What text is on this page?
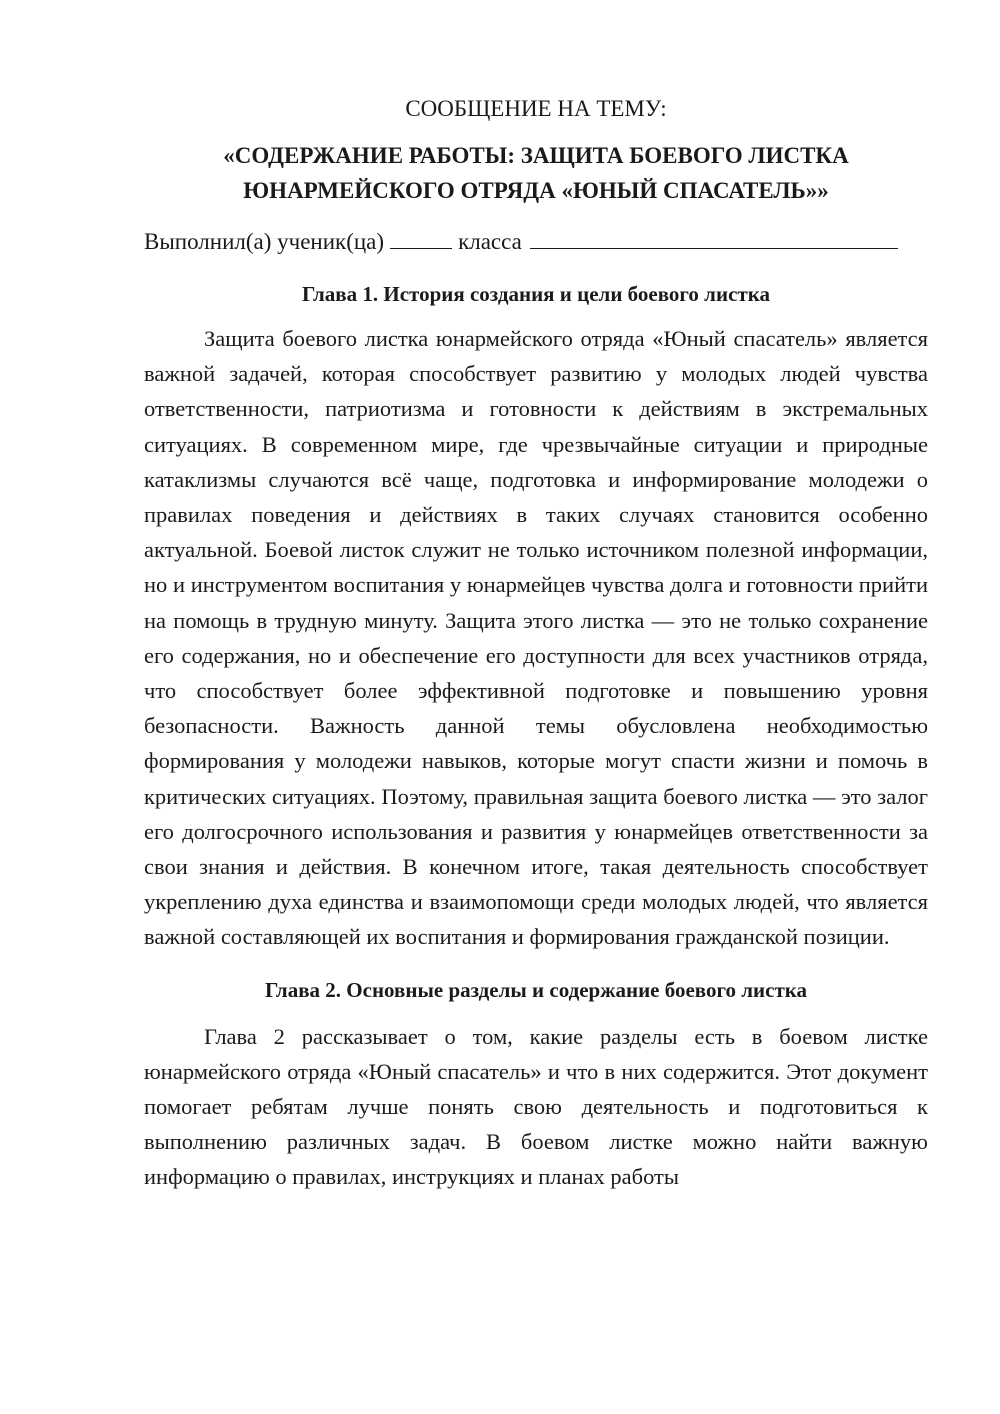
СООБЩЕНИЕ НА ТЕМУ:
«СОДЕРЖАНИЕ РАБОТЫ: ЗАЩИТА БОЕВОГО ЛИСТКА
ЮНАРМЕЙСКОГО ОТРЯДА «ЮНЫЙ СПАСАТЕЛЬ»»
Выполнил(а) ученик(ца)	класса
Глава 1. История создания и цели боевого листка

Защита боевого листка юнармейского отряда «Юный спасатель» является важной задачей, которая способствует развитию у молодых людей чувства ответственности, патриотизма и готовности к действиям в экстремальных ситуациях. В современном мире, где чрезвычайные ситуации и природные катаклизмы случаются всё чаще, подготовка и информирование молодежи о правилах поведения и действиях в таких случаях становится особенно актуальной. Боевой листок служит не только источником полезной информации, но и инструментом воспитания у юнармейцев чувства долга и готовности прийти на помощь в трудную минуту. Защита этого листка — это не только сохранение его содержания, но и обеспечение его доступности для всех участников отряда, что способствует более эффективной подготовке и повышению уровня безопасности. Важность данной темы обусловлена необходимостью формирования у молодежи навыков, которые могут спасти жизни и помочь в критических ситуациях. Поэтому, правильная защита боевого листка — это залог его долгосрочного использования и развития у юнармейцев ответственности за свои знания и действия. В конечном итоге, такая деятельность способствует укреплению духа единства и взаимопомощи среди молодых людей, что является важной составляющей их воспитания и формирования гражданской позиции.

Глава 2. Основные разделы и содержание боевого листка

Глава 2 рассказывает о том, какие разделы есть в боевом листке юнармейского отряда «Юный спасатель» и что в них содержится. Этот документ помогает ребятам лучше понять свою деятельность и подготовиться к выполнению различных задач. В боевом листке можно найти важную информацию о правилах, инструкциях и планах работы
